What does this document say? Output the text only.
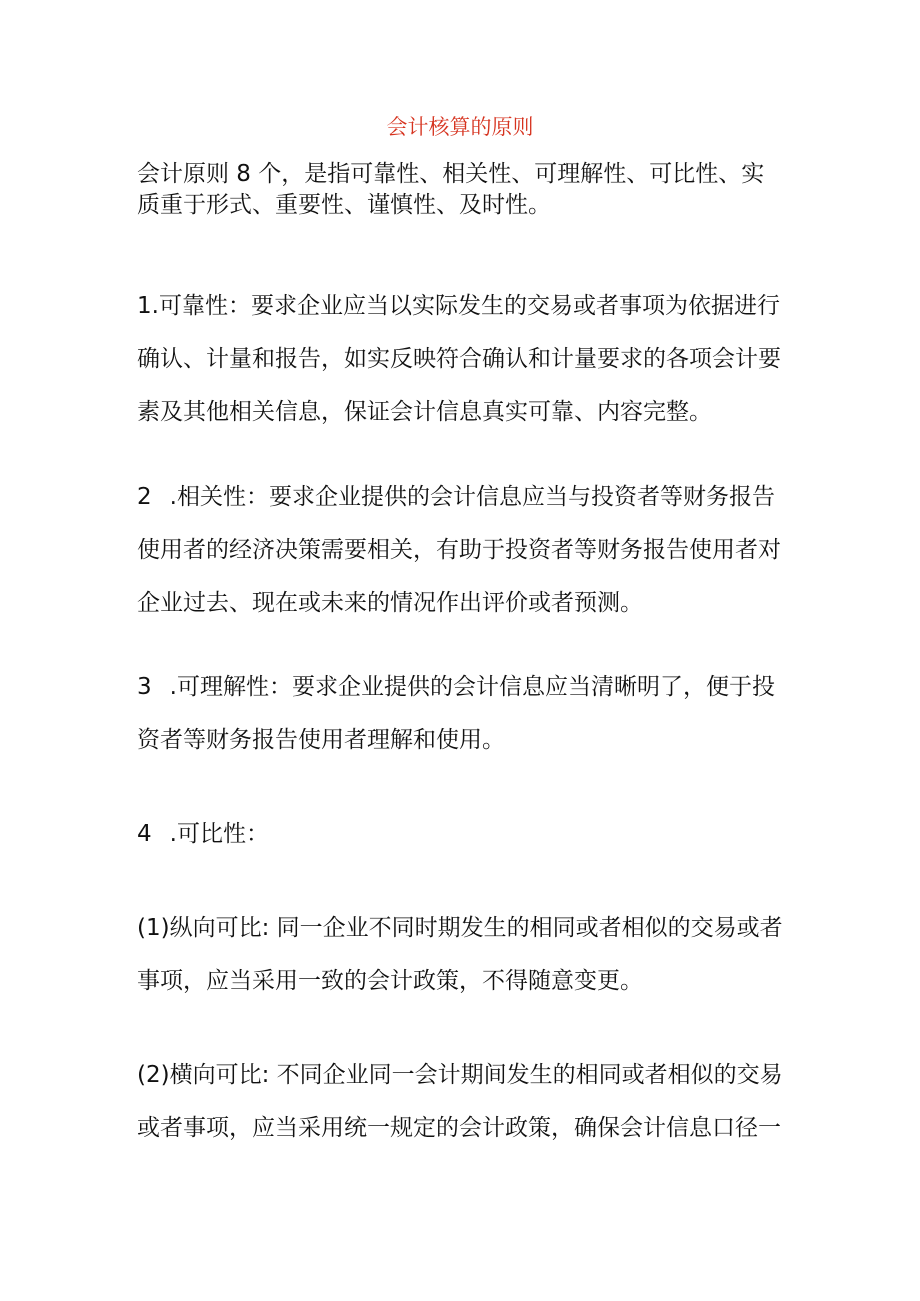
会计核算的原则

会计原则 8 个，是指可靠性、相关性、可理解性、可比性、实质重于形式、重要性、谨慎性、及时性。

1.可靠性：要求企业应当以实际发生的交易或者事项为依据进行确认、计量和报告，如实反映符合确认和计量要求的各项会计要素及其他相关信息，保证会计信息真实可靠、内容完整。

2 .相关性：要求企业提供的会计信息应当与投资者等财务报告使用者的经济决策需要相关，有助于投资者等财务报告使用者对企业过去、现在或未来的情况作出评价或者预测。

3 .可理解性：要求企业提供的会计信息应当清晰明了，便于投资者等财务报告使用者理解和使用。

4 .可比性：

(1)纵向可比: 同一企业不同时期发生的相同或者相似的交易或者事项，应当采用一致的会计政策，不得随意变更。

(2)横向可比: 不同企业同一会计期间发生的相同或者相似的交易或者事项，应当采用统一规定的会计政策，确保会计信息口径一
